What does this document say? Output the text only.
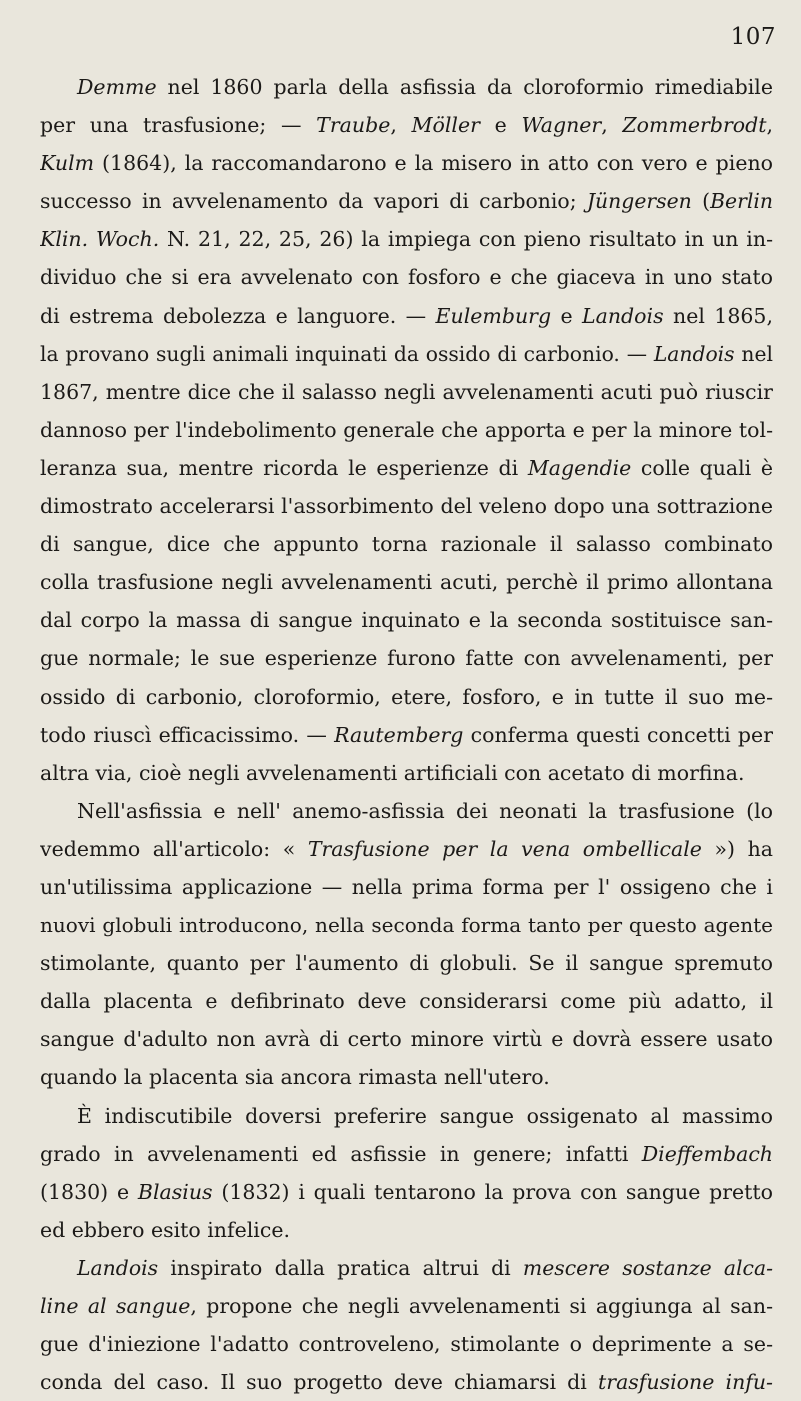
107
Demme nel 1860 parla della asfissia da cloroformio rimediabile
per una trasfusione; — Traube, Möller e Wagner, Zommerbrodt,
Kulm (1864), la raccomandarono e la misero in atto con vero e pieno
successo in avvelenamento da vapori di carbonio; Jüngersen (Berlin
Klin. Woch. N. 21, 22, 25, 26) la impiega con pieno risultato in un in-
dividuo che si era avvelenato con fosforo e che giaceva in uno stato
di estrema debolezza e languore. — Eulemburg e Landois nel 1865,
la provano sugli animali inquinati da ossido di carbonio. — Landois nel
1867, mentre dice che il salasso negli avvelenamenti acuti può riuscir
dannoso per l'indebolimento generale che apporta e per la minore tol-
leranza sua, mentre ricorda le esperienze di Magendie colle quali è
dimostrato accelerarsi l'assorbimento del veleno dopo una sottrazione
di sangue, dice che appunto torna razionale il salasso combinato
colla trasfusione negli avvelenamenti acuti, perchè il primo allontana
dal corpo la massa di sangue inquinato e la seconda sostituisce san-
gue normale; le sue esperienze furono fatte con avvelenamenti, per
ossido di carbonio, cloroformio, etere, fosforo, e in tutte il suo me-
todo riuscì efficacissimo. — Rautemberg conferma questi concetti per
altra via, cioè negli avvelenamenti artificiali con acetato di morfina.
Nell'asfissia e nell' anemo-asfissia dei neonati la trasfusione (lo
vedemmo all'articolo: « Trasfusione per la vena ombellicale ») ha
un'utilissima applicazione — nella prima forma per l' ossigeno che i
nuovi globuli introducono, nella seconda forma tanto per questo agente
stimolante, quanto per l'aumento di globuli. Se il sangue spremuto
dalla placenta e defibrinato deve considerarsi come più adatto, il
sangue d'adulto non avrà di certo minore virtù e dovrà essere usato
quando la placenta sia ancora rimasta nell'utero.
È indiscutibile doversi preferire sangue ossigenato al massimo
grado in avvelenamenti ed asfissie in genere; infatti Dieffembach
(1830) e Blasius (1832) i quali tentarono la prova con sangue pretto
ed ebbero esito infelice.
Landois inspirato dalla pratica altrui di mescere sostanze alca-
line al sangue, propone che negli avvelenamenti si aggiunga al san-
gue d'iniezione l'adatto controveleno, stimolante o deprimente a se-
conda del caso. Il suo progetto deve chiamarsi di trasfusione infu-
